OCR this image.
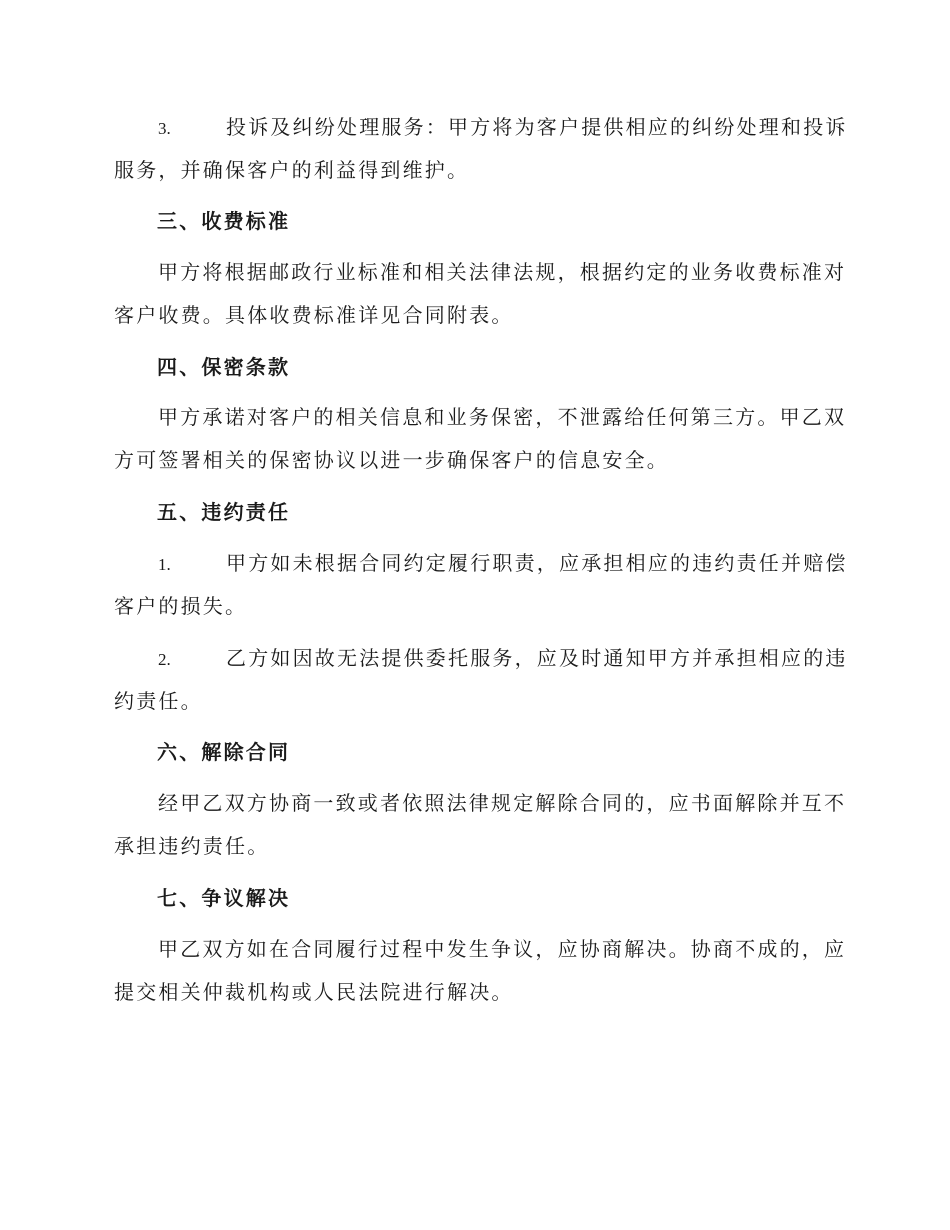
3.	投诉及纠纷处理服务：甲方将为客户提供相应的纠纷处理和投诉
服务，并确保客户的利益得到维护。
三、收费标准
甲方将根据邮政行业标准和相关法律法规，根据约定的业务收费标准对
客户收费。具体收费标准详见合同附表。
四、保密条款
甲方承诺对客户的相关信息和业务保密，不泄露给任何第三方。甲乙双
方可签署相关的保密协议以进一步确保客户的信息安全。
五、违约责任
1.	甲方如未根据合同约定履行职责，应承担相应的违约责任并赔偿
客户的损失。
2.	乙方如因故无法提供委托服务，应及时通知甲方并承担相应的违
约责任。
六、解除合同
经甲乙双方协商一致或者依照法律规定解除合同的，应书面解除并互不
承担违约责任。
七、争议解决
甲乙双方如在合同履行过程中发生争议，应协商解决。协商不成的，应
提交相关仲裁机构或人民法院进行解决。
